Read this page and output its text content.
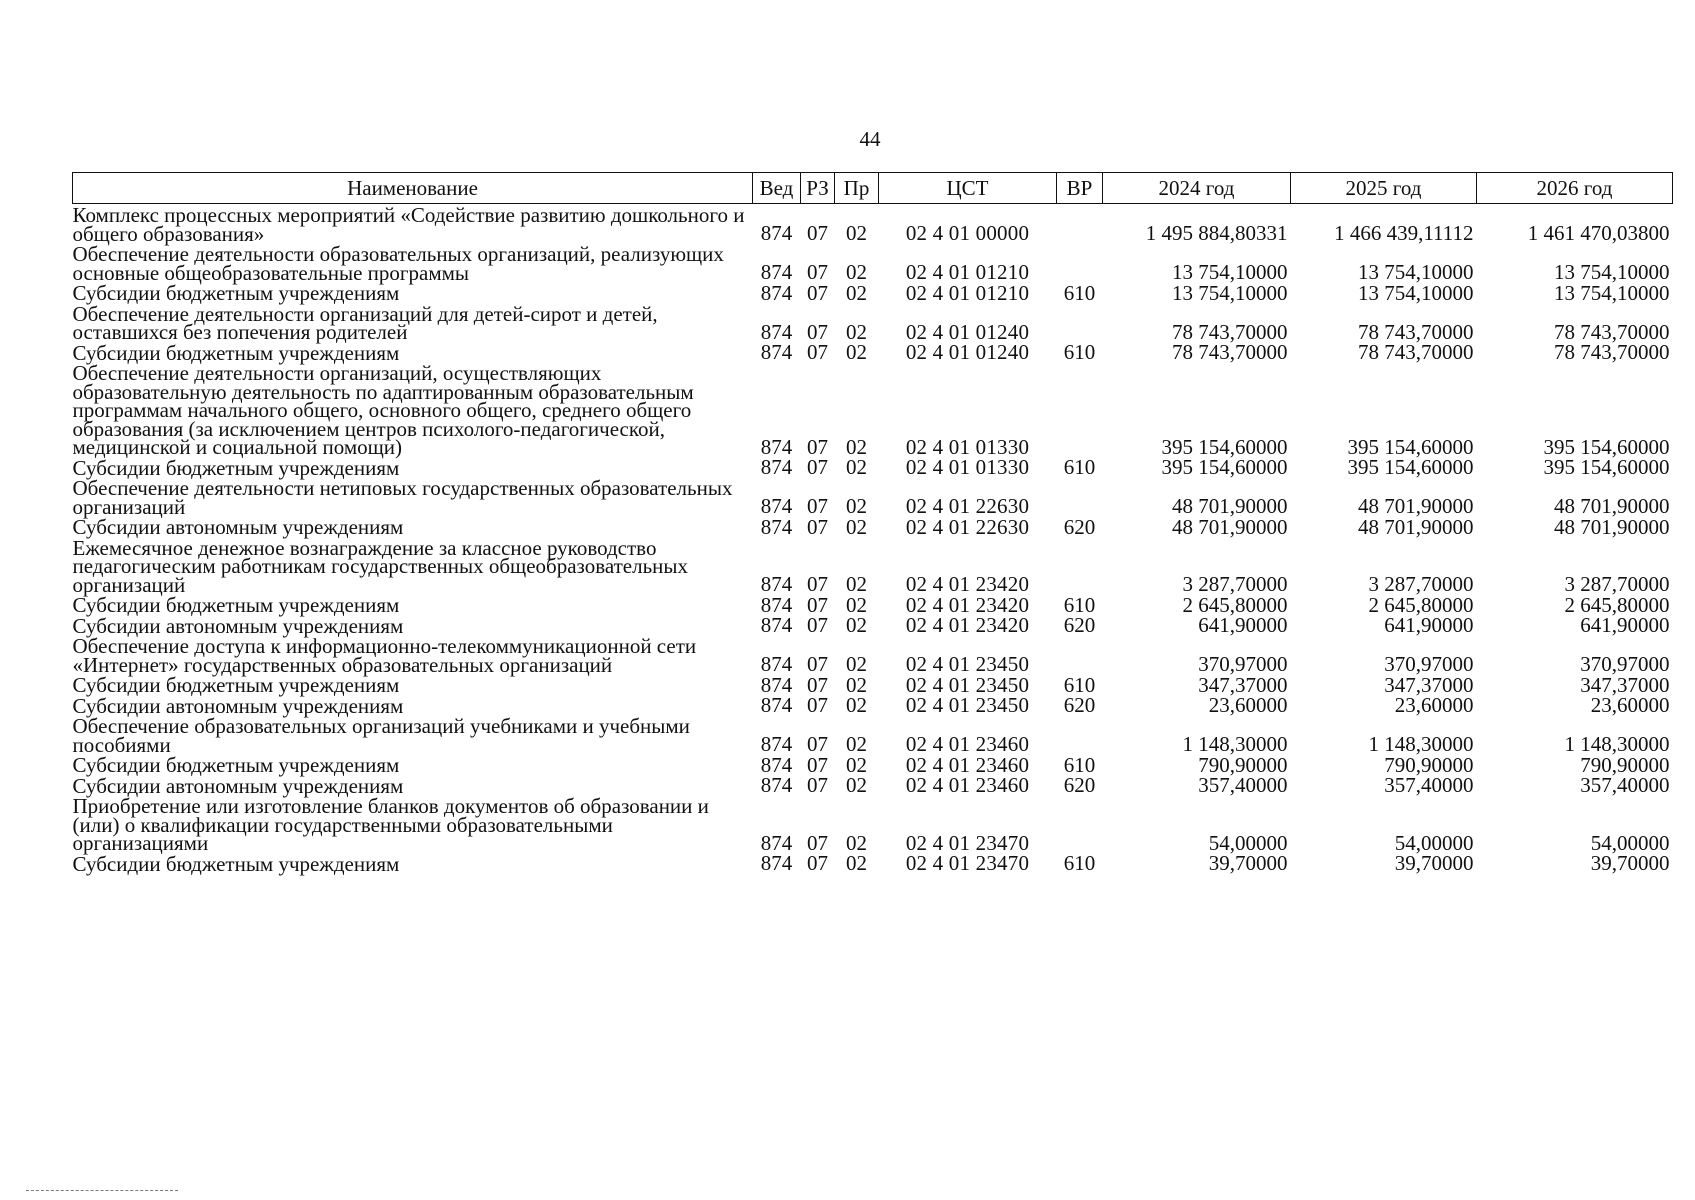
44
Наименование	Вед	РЗ	Пр	ЦСТ	ВР	2024 год	2025 год	2026 год
Комплекс процессных мероприятий «Содействие развитию дошкольного и общего образования»	874	07	02	02 4 01 00000		1 495 884,80331	1 466 439,11112	1 461 470,03800
Обеспечение деятельности образовательных организаций, реализующих основные общеобразовательные программы	874	07	02	02 4 01 01210		13 754,10000	13 754,10000	13 754,10000
Субсидии бюджетным учреждениям	874	07	02	02 4 01 01210	610	13 754,10000	13 754,10000	13 754,10000
Обеспечение деятельности организаций для детей-сирот и детей, оставшихся без попечения родителей	874	07	02	02 4 01 01240		78 743,70000	78 743,70000	78 743,70000
Субсидии бюджетным учреждениям	874	07	02	02 4 01 01240	610	78 743,70000	78 743,70000	78 743,70000
Обеспечение деятельности организаций, осуществляющих образовательную деятельность по адаптированным образовательным программам начального общего, основного общего, среднего общего образования (за исключением центров психолого-педагогической, медицинской и социальной помощи)	874	07	02	02 4 01 01330		395 154,60000	395 154,60000	395 154,60000
Субсидии бюджетным учреждениям	874	07	02	02 4 01 01330	610	395 154,60000	395 154,60000	395 154,60000
Обеспечение деятельности нетиповых государственных образовательных организаций	874	07	02	02 4 01 22630		48 701,90000	48 701,90000	48 701,90000
Субсидии автономным учреждениям	874	07	02	02 4 01 22630	620	48 701,90000	48 701,90000	48 701,90000
Ежемесячное денежное вознаграждение за классное руководство педагогическим работникам государственных общеобразовательных организаций	874	07	02	02 4 01 23420		3 287,70000	3 287,70000	3 287,70000
Субсидии бюджетным учреждениям	874	07	02	02 4 01 23420	610	2 645,80000	2 645,80000	2 645,80000
Субсидии автономным учреждениям	874	07	02	02 4 01 23420	620	641,90000	641,90000	641,90000
Обеспечение доступа к информационно-телекоммуникационной сети «Интернет» государственных образовательных организаций	874	07	02	02 4 01 23450		370,97000	370,97000	370,97000
Субсидии бюджетным учреждениям	874	07	02	02 4 01 23450	610	347,37000	347,37000	347,37000
Субсидии автономным учреждениям	874	07	02	02 4 01 23450	620	23,60000	23,60000	23,60000
Обеспечение образовательных организаций учебниками и учебными пособиями	874	07	02	02 4 01 23460		1 148,30000	1 148,30000	1 148,30000
Субсидии бюджетным учреждениям	874	07	02	02 4 01 23460	610	790,90000	790,90000	790,90000
Субсидии автономным учреждениям	874	07	02	02 4 01 23460	620	357,40000	357,40000	357,40000
Приобретение или изготовление бланков документов об образовании и (или) о квалификации государственными образовательными организациями	874	07	02	02 4 01 23470		54,00000	54,00000	54,00000
Субсидии бюджетным учреждениям	874	07	02	02 4 01 23470	610	39,70000	39,70000	39,70000
